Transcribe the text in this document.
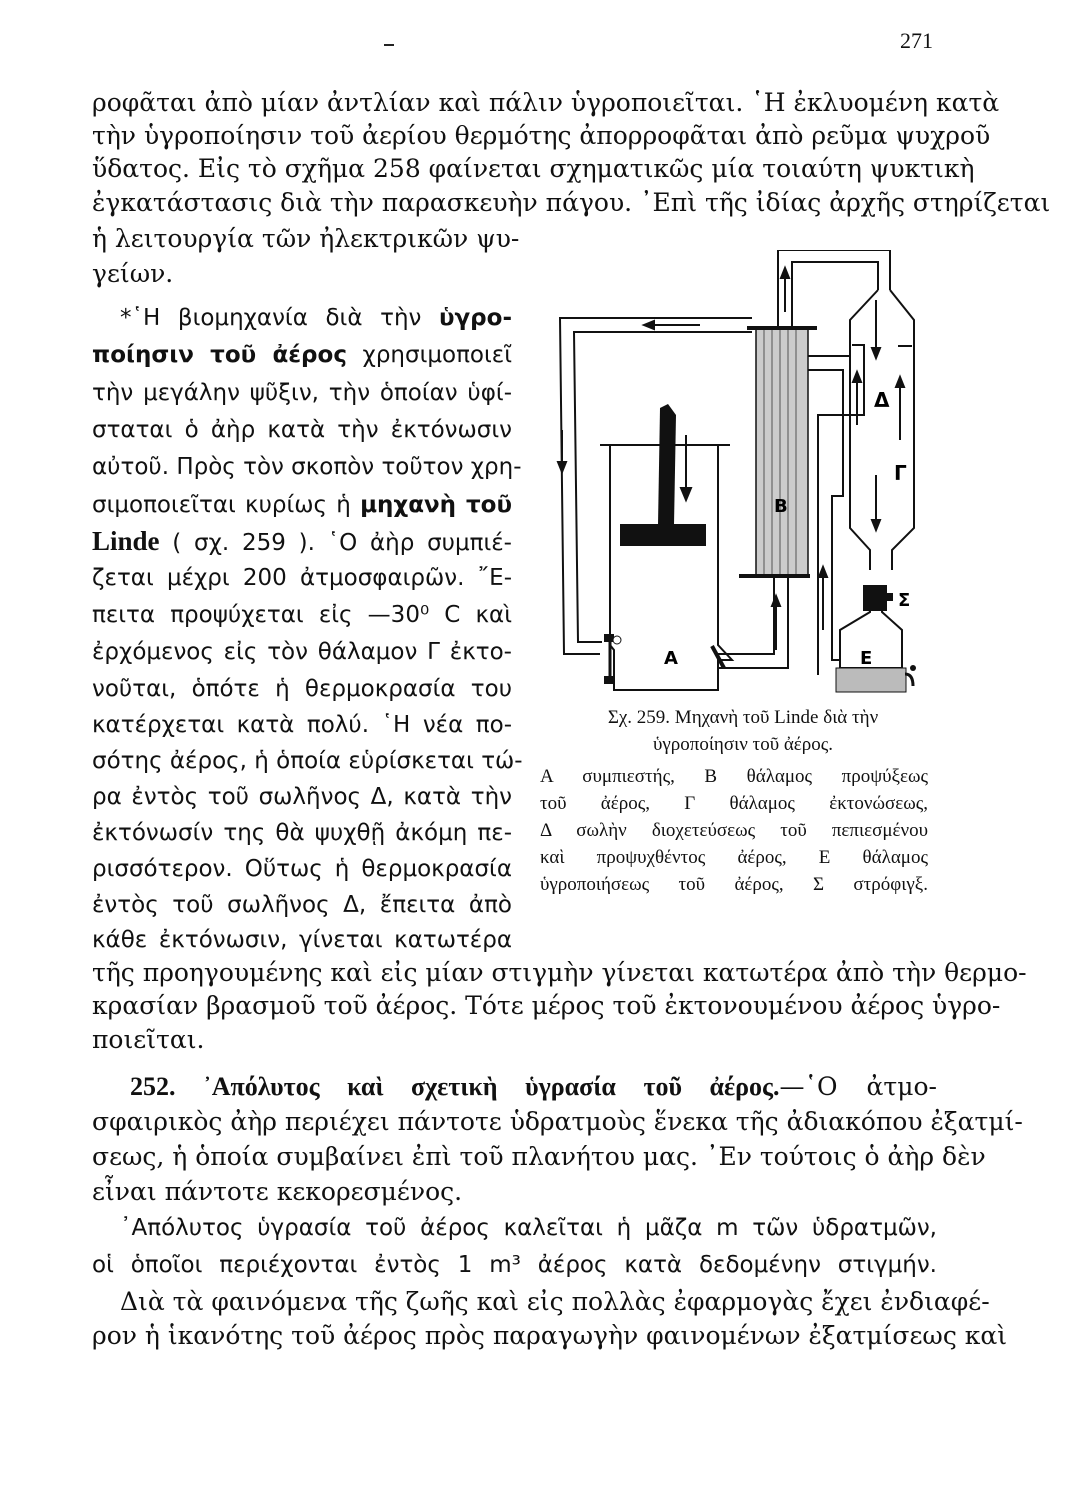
271
ροφᾶται ἀπὸ μίαν ἀντλίαν καὶ πάλιν ὑγροποιεῖται. ῾Η ἐκλυομένη κατὰ
τὴν ὑγροποίησιν τοῦ ἀερίου θερμότης ἀπορροφᾶται ἀπὸ ρεῦμα ψυχροῦ
ὕδατος. Εἰς τὸ σχῆμα 258 φαίνεται σχηματικῶς μία τοιαύτη ψυκτικὴ
ἐγκατάστασις διὰ τὴν παρασκευὴν πάγου. ᾿Επὶ τῆς ἰδίας ἀρχῆς στηρίζεται
ἡ λειτουργία τῶν ἠλεκτρικῶν ψυ-
γείων.
*῾Η βιομηχανία διὰ τὴν ὑγρο-
ποίησιν τοῦ ἀέρος χρησιμοποιεῖ
τὴν μεγάλην ψῦξιν, τὴν ὁποίαν ὑφί-
σταται ὁ ἀὴρ κατὰ τὴν ἐκτόνωσιν
αὐτοῦ. Πρὸς τὸν σκοπὸν τοῦτον χρη-
σιμοποιεῖται κυρίως ἡ μηχανὴ τοῦ
Linde ( σχ. 259 ). ῾Ο ἀὴρ συμπιέ-
ζεται μέχρι 200 ἀτμοσφαιρῶν. ῎Ε-
πειτα προψύχεται εἰς —30⁰ C καὶ
ἐρχόμενος εἰς τὸν θάλαμον Γ ἐκτο-
νοῦται, ὁπότε ἡ θερμοκρασία του
κατέρχεται κατὰ πολύ. ῾Η νέα πο-
σότης ἀέρος, ἡ ὁποία εὑρίσκεται τώ-
ρα ἐντὸς τοῦ σωλῆνος Δ, κατὰ τὴν
ἐκτόνωσίν της θὰ ψυχθῇ ἀκόμη πε-
ρισσότερον. Οὕτως ἡ θερμοκρασία
ἐντὸς τοῦ σωλῆνος Δ, ἔπειτα ἀπὸ
κάθε ἐκτόνωσιν, γίνεται κατωτέρα
τῆς προηγουμένης καὶ εἰς μίαν στιγμὴν γίνεται κατωτέρα ἀπὸ τὴν θερμο-
κρασίαν βρασμοῦ τοῦ ἀέρος. Τότε μέρος τοῦ ἐκτονουμένου ἀέρος ὑγρο-
ποιεῖται.
A
B
Δ
Γ
E
Σ
Σχ. 259. Μηχανὴ τοῦ Linde διὰ τὴν
ὑγροποίησιν τοῦ ἀέρος.
A συμπιεστής, B θάλαμος προψύξεως
τοῦ ἀέρος, Γ θάλαμος ἐκτονώσεως,
Δ σωλὴν διοχετεύσεως τοῦ πεπιεσμένου
καὶ προψυχθέντος ἀέρος, E θάλαμος
ὑγροποιήσεως τοῦ ἀέρος, Σ στρόφιγξ.
252. ᾿Απόλυτος καὶ σχετικὴ ὑγρασία τοῦ ἀέρος.—῾Ο ἀτμο-
σφαιρικὸς ἀὴρ περιέχει πάντοτε ὑδρατμοὺς ἕνεκα τῆς ἀδιακόπου ἐξατμί-
σεως, ἡ ὁποία συμβαίνει ἐπὶ τοῦ πλανήτου μας. ᾿Εν τούτοις ὁ ἀὴρ δὲν
εἶναι πάντοτε κεκορεσμένος.
᾿Απόλυτος ὑγρασία τοῦ ἀέρος καλεῖται ἡ μᾶζα m τῶν ὑδρατμῶν,
οἱ ὁποῖοι περιέχονται ἐντὸς 1 m³ ἀέρος κατὰ δεδομένην στιγμήν.
Διὰ τὰ φαινόμενα τῆς ζωῆς καὶ εἰς πολλὰς ἐφαρμογὰς ἔχει ἐνδιαφέ-
ρον ἡ ἱκανότης τοῦ ἀέρος πρὸς παραγωγὴν φαινομένων ἐξατμίσεως καὶ
